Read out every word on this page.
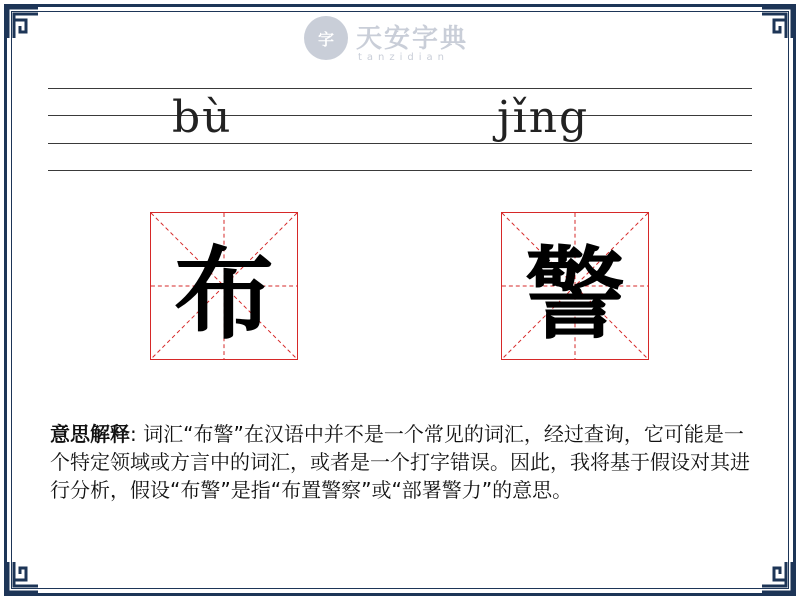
字 天安字典
tanzidian
bù	jǐng
布	警
意思解释: 词汇“布警”在汉语中并不是一个常见的词汇，经过查询，它可能是一个特定领域或方言中的词汇，或者是一个打字错误。因此，我将基于假设对其进行分析，假设“布警”是指“布置警察”或“部署警力”的意思。
